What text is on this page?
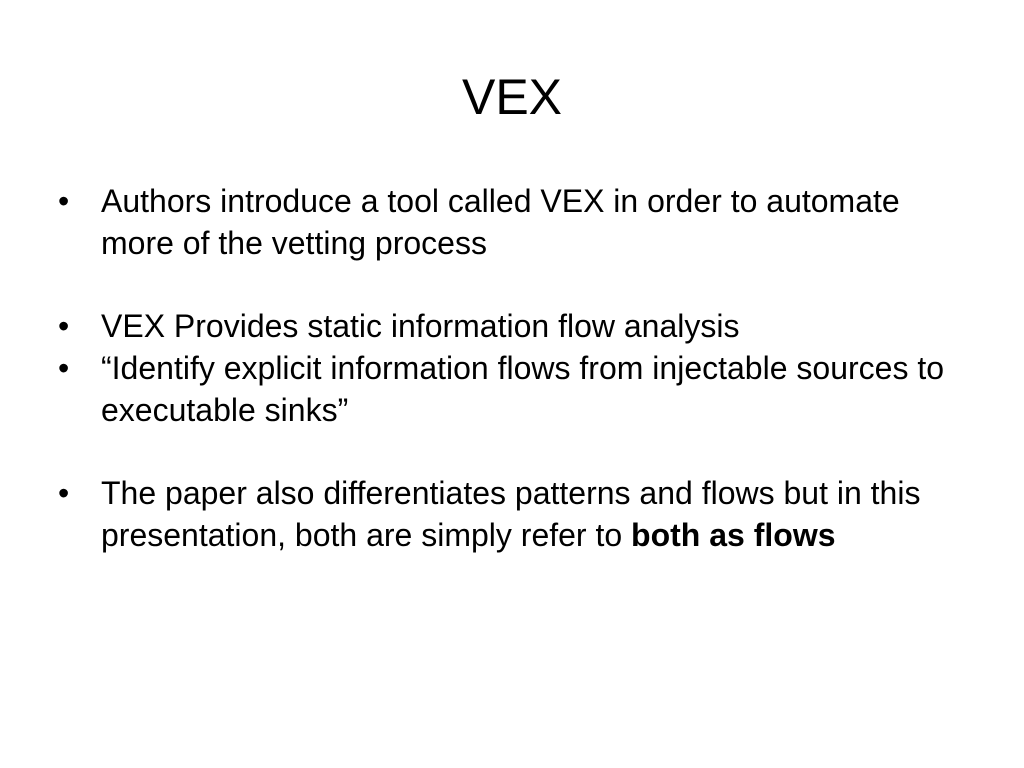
VEX
• Authors introduce a tool called VEX in order to automate more of the vetting process
• VEX Provides static information flow analysis
• “Identify explicit information flows from injectable sources to executable sinks”
• The paper also differentiates patterns and flows but in this presentation, both are simply refer to both as flows
